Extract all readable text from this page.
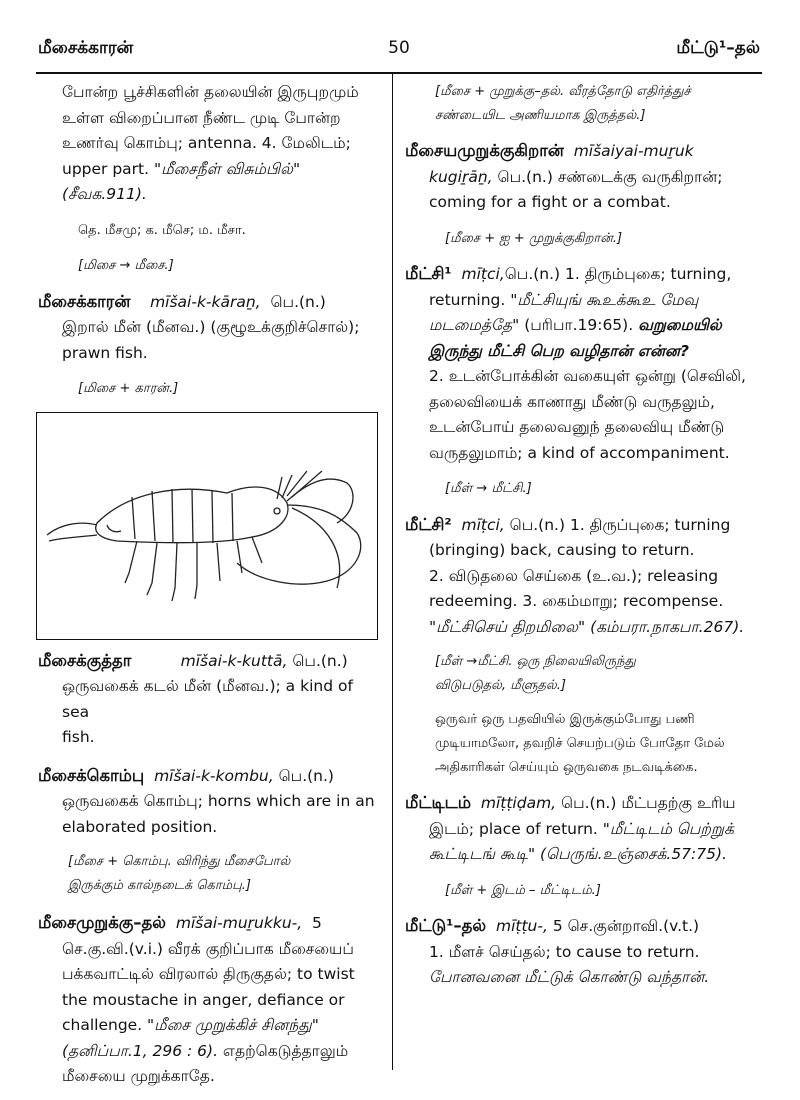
மீசைக்காரன்	50	மீட்டு¹–தல்
போன்ற பூச்சிகளின் தலையின் இருபுறமும்
உள்ள விறைப்பான நீண்ட முடி போன்ற
உணர்வு கொம்பு; antenna. 4. மேலிடம்;
upper part. "மீசைநீள் விசும்பில்" (சீவக.911).
தெ. மீசமு; க. மீசெ; ம. மீசா.
[மிசை → மீசை.]
மீசைக்காரன் mīšai-k-kāraṉ, பெ.(n.)
இறால் மீன் (மீனவ.) (குழூஉக்குறிச்சொல்);
prawn fish.
[மிசை + காரன்.]
மீசைக்குத்தா	mīšai-k-kuttā, பெ.(n.)
ஒருவகைக் கடல் மீன் (மீனவ.); a kind of sea
fish.
மீசைக்கொம்பு mīšai-k-kombu, பெ.(n.)
ஒருவகைக் கொம்பு; horns which are in an
elaborated position.
[மீசை + கொம்பு. விரிந்து மீசைபோல்
இருக்கும் கால்நடைக் கொம்பு.]
மீசைமுறுக்கு–தல் mīšai-muṟukku-, 5
செ.கு.வி.(v.i.) வீரக் குறிப்பாக மீசையைப்
பக்கவாட்டில் விரலால் திருகுதல்; to twist
the moustache in anger, defiance or
challenge. "மீசை முறுக்கிச் சினந்து"
(தனிப்பா.1, 296 : 6). எதற்கெடுத்தாலும்
மீசையை முறுக்காதே.
[மீசை + முறுக்கு–தல். வீரத்தோடு எதிர்த்துச்
சண்டையிட அணியமாக இருத்தல்.]
மீசையமுறுக்குகிறான் mīšaiyai-muṟuk
kugiṟāṉ, பெ.(n.) சண்டைக்கு வருகிறான்;
coming for a fight or a combat.
[மீசை + ஐ + முறுக்குகிறான்.]
மீட்சி¹ mīṭci,பெ.(n.) 1. திரும்புகை; turning,
returning. "மீட்சியுங் கூஉக்கூஉ மேவு
மடமைத்தே" (பரிபா.19:65). வறுமையில்
இருந்து மீட்சி பெற வழிதான் என்ன?
2. உடன்போக்கின் வகையுள் ஒன்று (செவிலி,
தலைவியைக் காணாது மீண்டு வருதலும்,
உடன்போய் தலைவனுந் தலைவியு மீண்டு
வருதலுமாம்; a kind of accompaniment.
[மீள் → மீட்சி.]
மீட்சி² mīṭci, பெ.(n.) 1. திருப்புகை; turning
(bringing) back, causing to return.
2. விடுதலை செய்கை (உ.வ.); releasing
redeeming. 3. கைம்மாறு; recompense.
"மீட்சிசெய் திறமிலை" (கம்பரா.நாகபா.267).
[மீள் →மீட்சி. ஒரு நிலையிலிருந்து
விடுபடுதல், மீளுதல்.]
ஒருவர் ஒரு பதவியில் இருக்கும்போது பணி
முடியாமலோ, தவறிச் செயற்படும் போதோ மேல்
அதிகாரிகள் செய்யும் ஒருவகை நடவடிக்கை.
மீட்டிடம் mīṭṭiḍam, பெ.(n.) மீட்பதற்கு உரிய
இடம்; place of return. "மீட்டிடம் பெற்றுக்
கூட்டிடங் கூடி" (பெருங்.உஞ்சைக்.57:75).
[மீள் + இடம் – மீட்டிடம்.]
மீட்டு¹–தல் mīṭṭu-, 5 செ.குன்றாவி.(v.t.)
1. மீளச் செய்தல்; to cause to return.
போனவனை மீட்டுக் கொண்டு வந்தான்.
